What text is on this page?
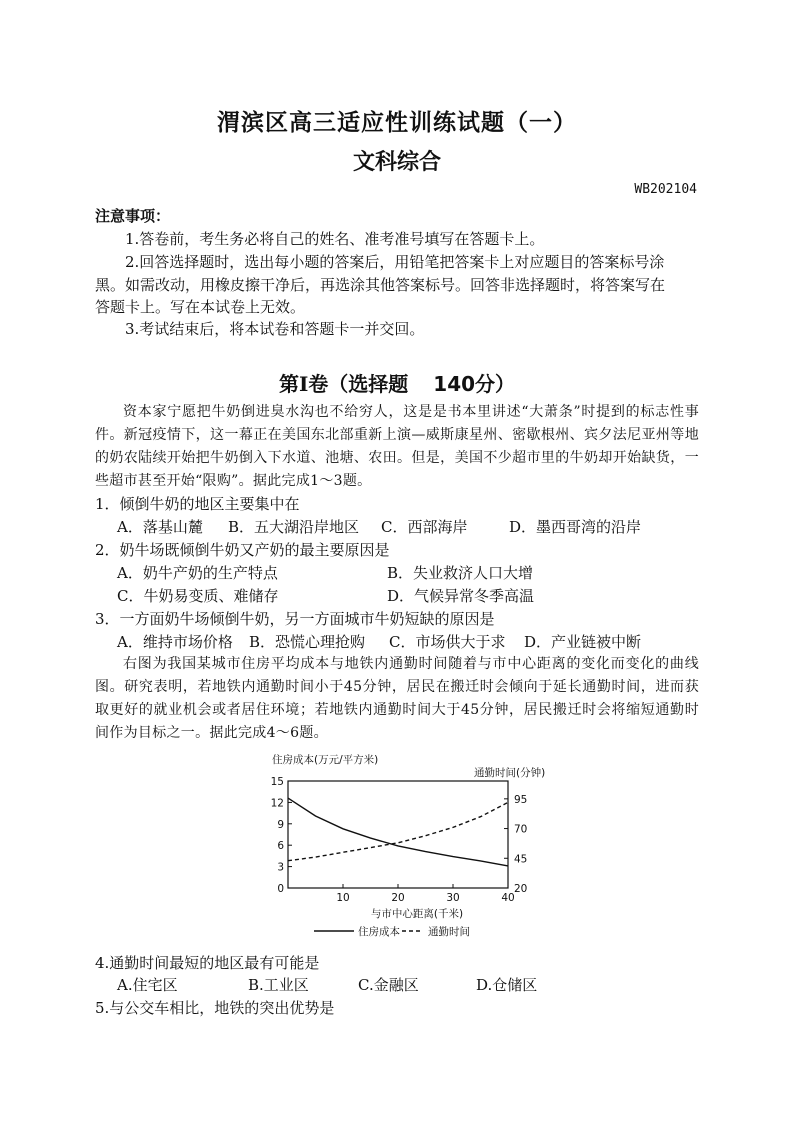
渭滨区高三适应性训练试题（一）
文科综合
WB202104
注意事项：
1.答卷前，考生务必将自己的姓名、准考准号填写在答题卡上。
2.回答选择题时，选出每小题的答案后，用铅笔把答案卡上对应题目的答案标号涂
黑。如需改动，用橡皮擦干净后，再选涂其他答案标号。回答非选择题时，将答案写在
答题卡上。写在本试卷上无效。
3.考试结束后，将本试卷和答题卡一并交回。
第Ⅰ卷（选择题 140分）
资本家宁愿把牛奶倒进臭水沟也不给穷人，这是是书本里讲述“大萧条”时提到的标志性事件。新冠疫情下，这一幕正在美国东北部重新上演—威斯康星州、密歇根州、宾夕法尼亚州等地的奶农陆续开始把牛奶倒入下水道、池塘、农田。但是，美国不少超市里的牛奶却开始缺货，一些超市甚至开始“限购”。据此完成1～3题。
1．倾倒牛奶的地区主要集中在
A．落基山麓 B．五大湖沿岸地区 C．西部海岸	D．墨西哥湾的沿岸
2．奶牛场既倾倒牛奶又产奶的最主要原因是
A．奶牛产奶的生产特点	B．失业救济人口大增
C．牛奶易变质、难储存	D．气候异常冬季高温
3．一方面奶牛场倾倒牛奶，另一方面城市牛奶短缺的原因是
A．维持市场价格 B．恐慌心理抢购 C．市场供大于求 D．产业链被中断
右图为我国某城市住房平均成本与地铁内通勤时间随着与市中心距离的变化而变化的曲线图。研究表明，若地铁内通勤时间小于45分钟，居民在搬迁时会倾向于延长通勤时间，进而获取更好的就业机会或者居住环境；若地铁内通勤时间大于45分钟，居民搬迁时会将缩短通勤时间作为目标之一。据此完成4～6题。
住房成本(万元/平方米)
通勤时间(分钟)
10	20	30	40
0
3
6
9
12
15
20
45
70
95
与市中心距离(千米)
住房成本	通勤时间
4.通勤时间最短的地区最有可能是
A.住宅区	B.工业区	C.金融区	D.仓储区
5.与公交车相比，地铁的突出优势是
